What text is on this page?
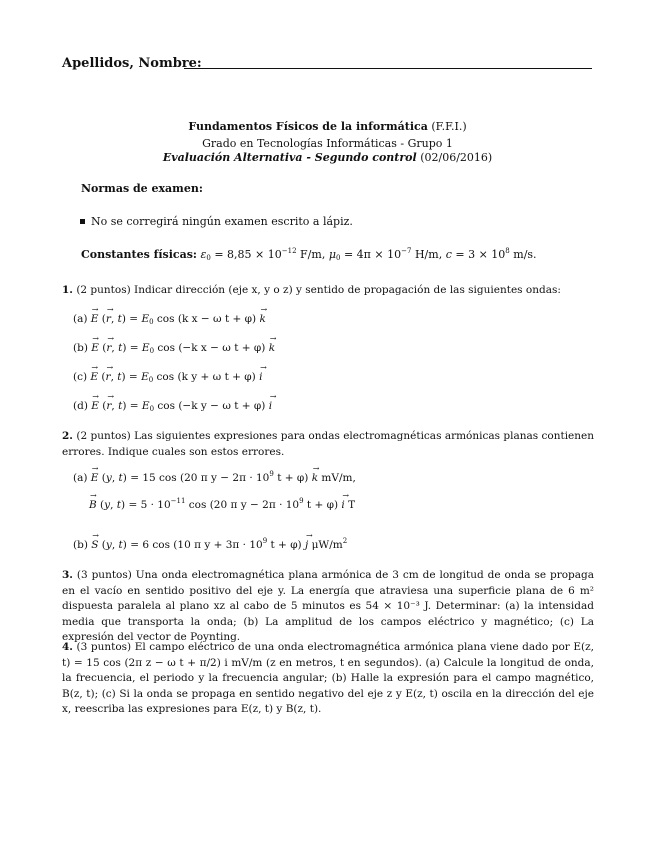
Apellidos, Nombre:
Fundamentos Físicos de la informática (F.F.I.)
Grado en Tecnologías Informáticas - Grupo 1
Evaluación Alternativa - Segundo control (02/06/2016)
Normas de examen:
No se corregirá ningún examen escrito a lápiz.
Constantes físicas: $\varepsilon_0 = 8,85 \times 10^{-12}$ F/m, $\mu_0 = 4\pi \times 10^{-7}$ H/m, $c = 3 \times 10^8$ m/s.
1. (2 puntos) Indicar dirección (eje x, y o z) y sentido de propagación de las siguientes ondas:
(a) → E (→ r, $t) = E_0$ cos (k x − ω t + φ) → k
(b) → E (→ r, $t) = E_0$ cos (−k x − ω t + φ) → k
(c) → E (→ r, $t) = E_0$ cos (k y + ω t + φ) → i
(d) → E (→ r, $t) = E_0$ cos (−k y − ω t + φ) → i
2. (2 puntos) Las siguientes expresiones para ondas electromagnéticas armónicas planas contienen errores. Indique cuales son estos errores.
(a) → E (y, t) = 15 cos (20 π $y - 2\pi \cdot 10^9$ t + φ) → k mV/m,
→ B (y, $t) = 5 \cdot 10^{-11}$ cos (20 π $y - 2\pi \cdot 10^9$ t + φ) → i T
(b) → S (y, t) = 6 cos (10 π $y + 3\pi \cdot 10^9$ t + φ) → j $\mu W/m^2$
3. (3 puntos) Una onda electromagnética plana armónica de 3 cm de longitud de onda se propaga en el vacío en sentido positivo del eje y. La energía que atraviesa una superficie plana de 6 m² dispuesta paralela al plano xz al cabo de 5 minutos es 54 × 10⁻³ J. Determinar: (a) la intensidad media que transporta la onda; (b) La amplitud de los campos eléctrico y magnético; (c) La expresión del vector de Poynting.
4. (3 puntos) El campo eléctrico de una onda electromagnética armónica plana viene dado por E(z, t) = 15 cos (2π z − ω t + π/2) i mV/m (z en metros, t en segundos). (a) Calcule la longitud de onda, la frecuencia, el periodo y la frecuencia angular; (b) Halle la expresión para el campo magnético, B(z, t); (c) Si la onda se propaga en sentido negativo del eje z y E(z, t) oscila en la dirección del eje x, reescriba las expresiones para E(z, t) y B(z, t).
